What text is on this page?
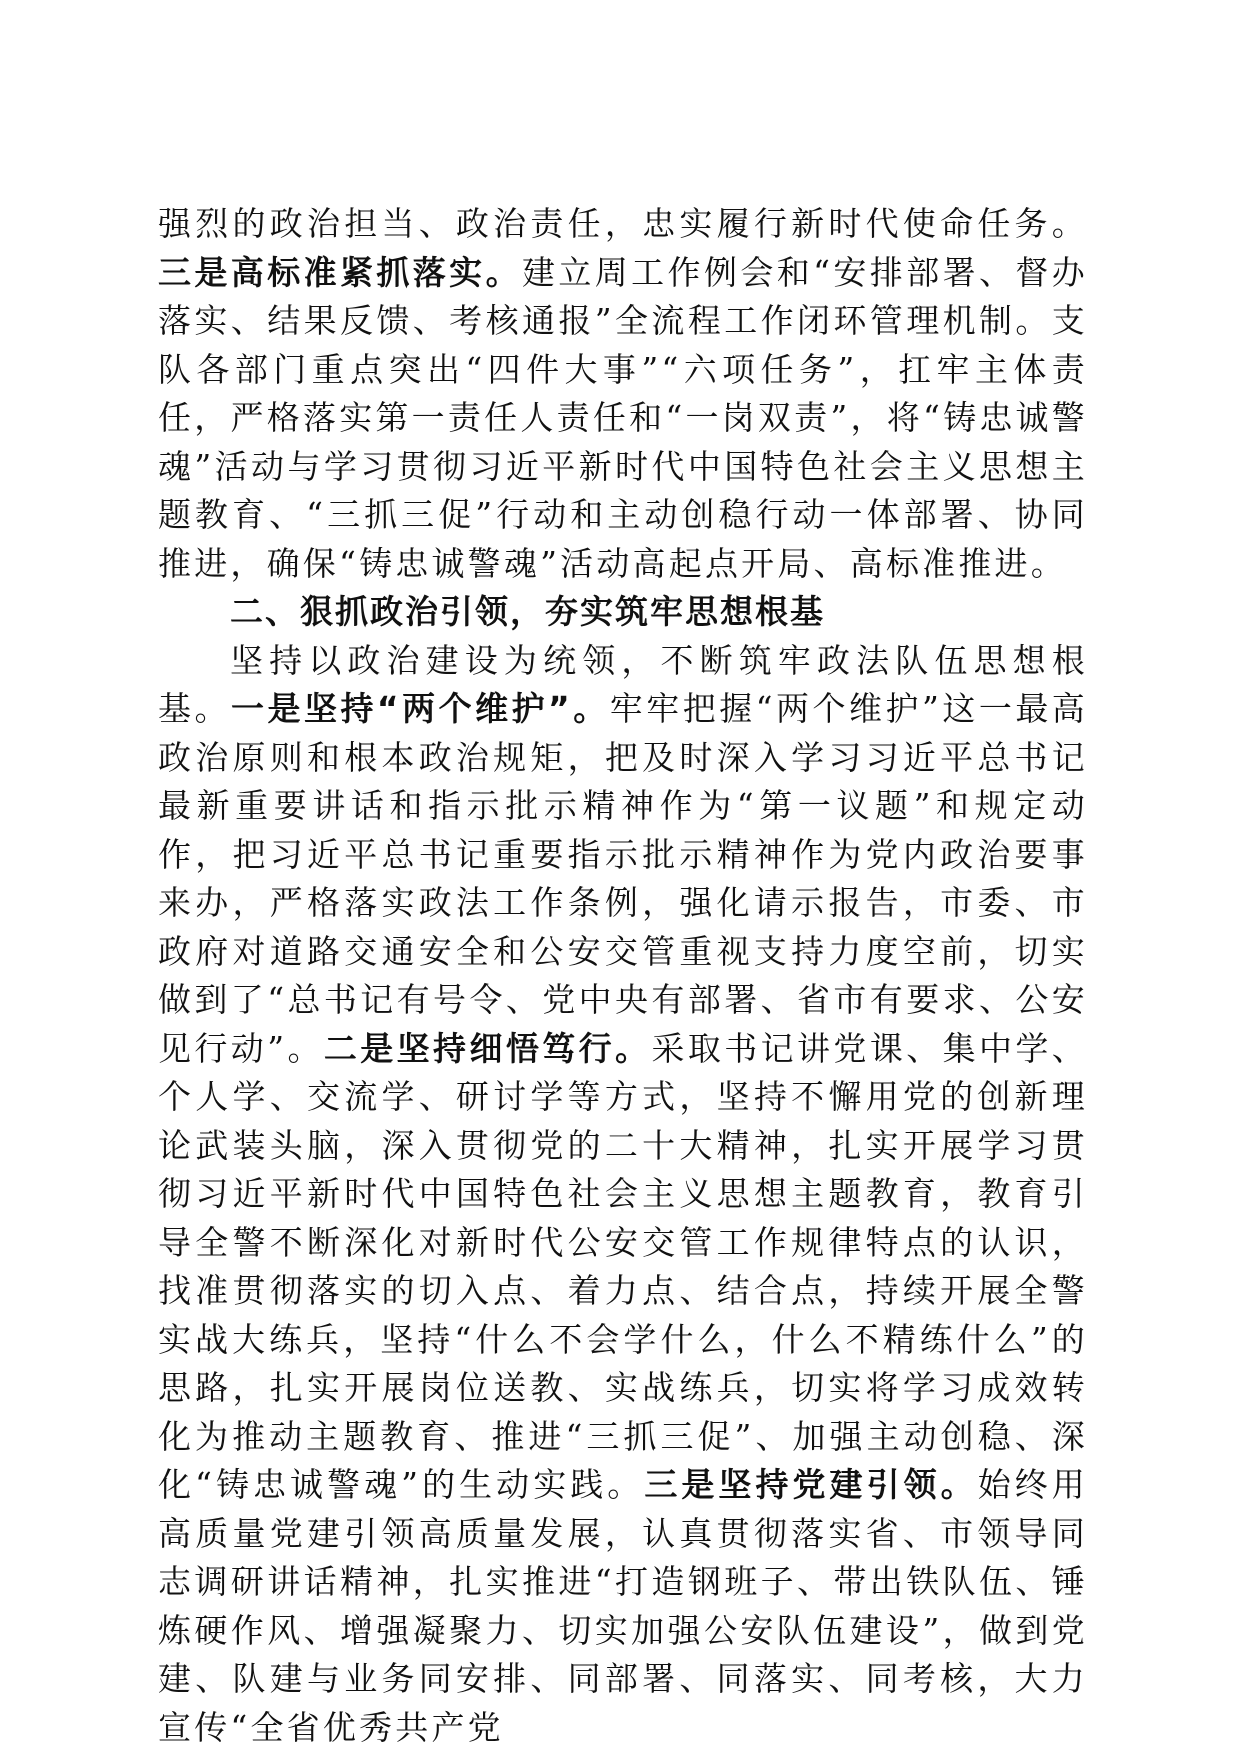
强烈的政治担当、政治责任，忠实履行新时代使命任务。三是高标准紧抓落实。建立周工作例会和“安排部署、督办落实、结果反馈、考核通报”全流程工作闭环管理机制。支队各部门重点突出“四件大事”“六项任务”，扛牢主体责任，严格落实第一责任人责任和“一岗双责”，将“铸忠诚警魂”活动与学习贯彻习近平新时代中国特色社会主义思想主题教育、“三抓三促”行动和主动创稳行动一体部署、协同推进，确保“铸忠诚警魂”活动高起点开局、高标准推进。

二、狠抓政治引领，夯实筑牢思想根基

坚持以政治建设为统领，不断筑牢政法队伍思想根基。一是坚持“两个维护”。牢牢把握“两个维护”这一最高政治原则和根本政治规矩，把及时深入学习习近平总书记最新重要讲话和指示批示精神作为“第一议题”和规定动作，把习近平总书记重要指示批示精神作为党内政治要事来办，严格落实政法工作条例，强化请示报告，市委、市政府对道路交通安全和公安交管重视支持力度空前，切实做到了“总书记有号令、党中央有部署、省市有要求、公安见行动”。二是坚持细悟笃行。采取书记讲党课、集中学、个人学、交流学、研讨学等方式，坚持不懈用党的创新理论武装头脑，深入贯彻党的二十大精神，扎实开展学习贯彻习近平新时代中国特色社会主义思想主题教育，教育引导全警不断深化对新时代公安交管工作规律特点的认识，找准贯彻落实的切入点、着力点、结合点，持续开展全警实战大练兵，坚持“什么不会学什么，什么不精练什么”的思路，扎实开展岗位送教、实战练兵，切实将学习成效转化为推动主题教育、推进“三抓三促”、加强主动创稳、深化“铸忠诚警魂”的生动实践。三是坚持党建引领。始终用高质量党建引领高质量发展，认真贯彻落实省、市领导同志调研讲话精神，扎实推进“打造钢班子、带出铁队伍、锤炼硬作风、增强凝聚力、切实加强公安队伍建设”，做到党建、队建与业务同安排、同部署、同落实、同考核，大力宣传“全省优秀共产党
